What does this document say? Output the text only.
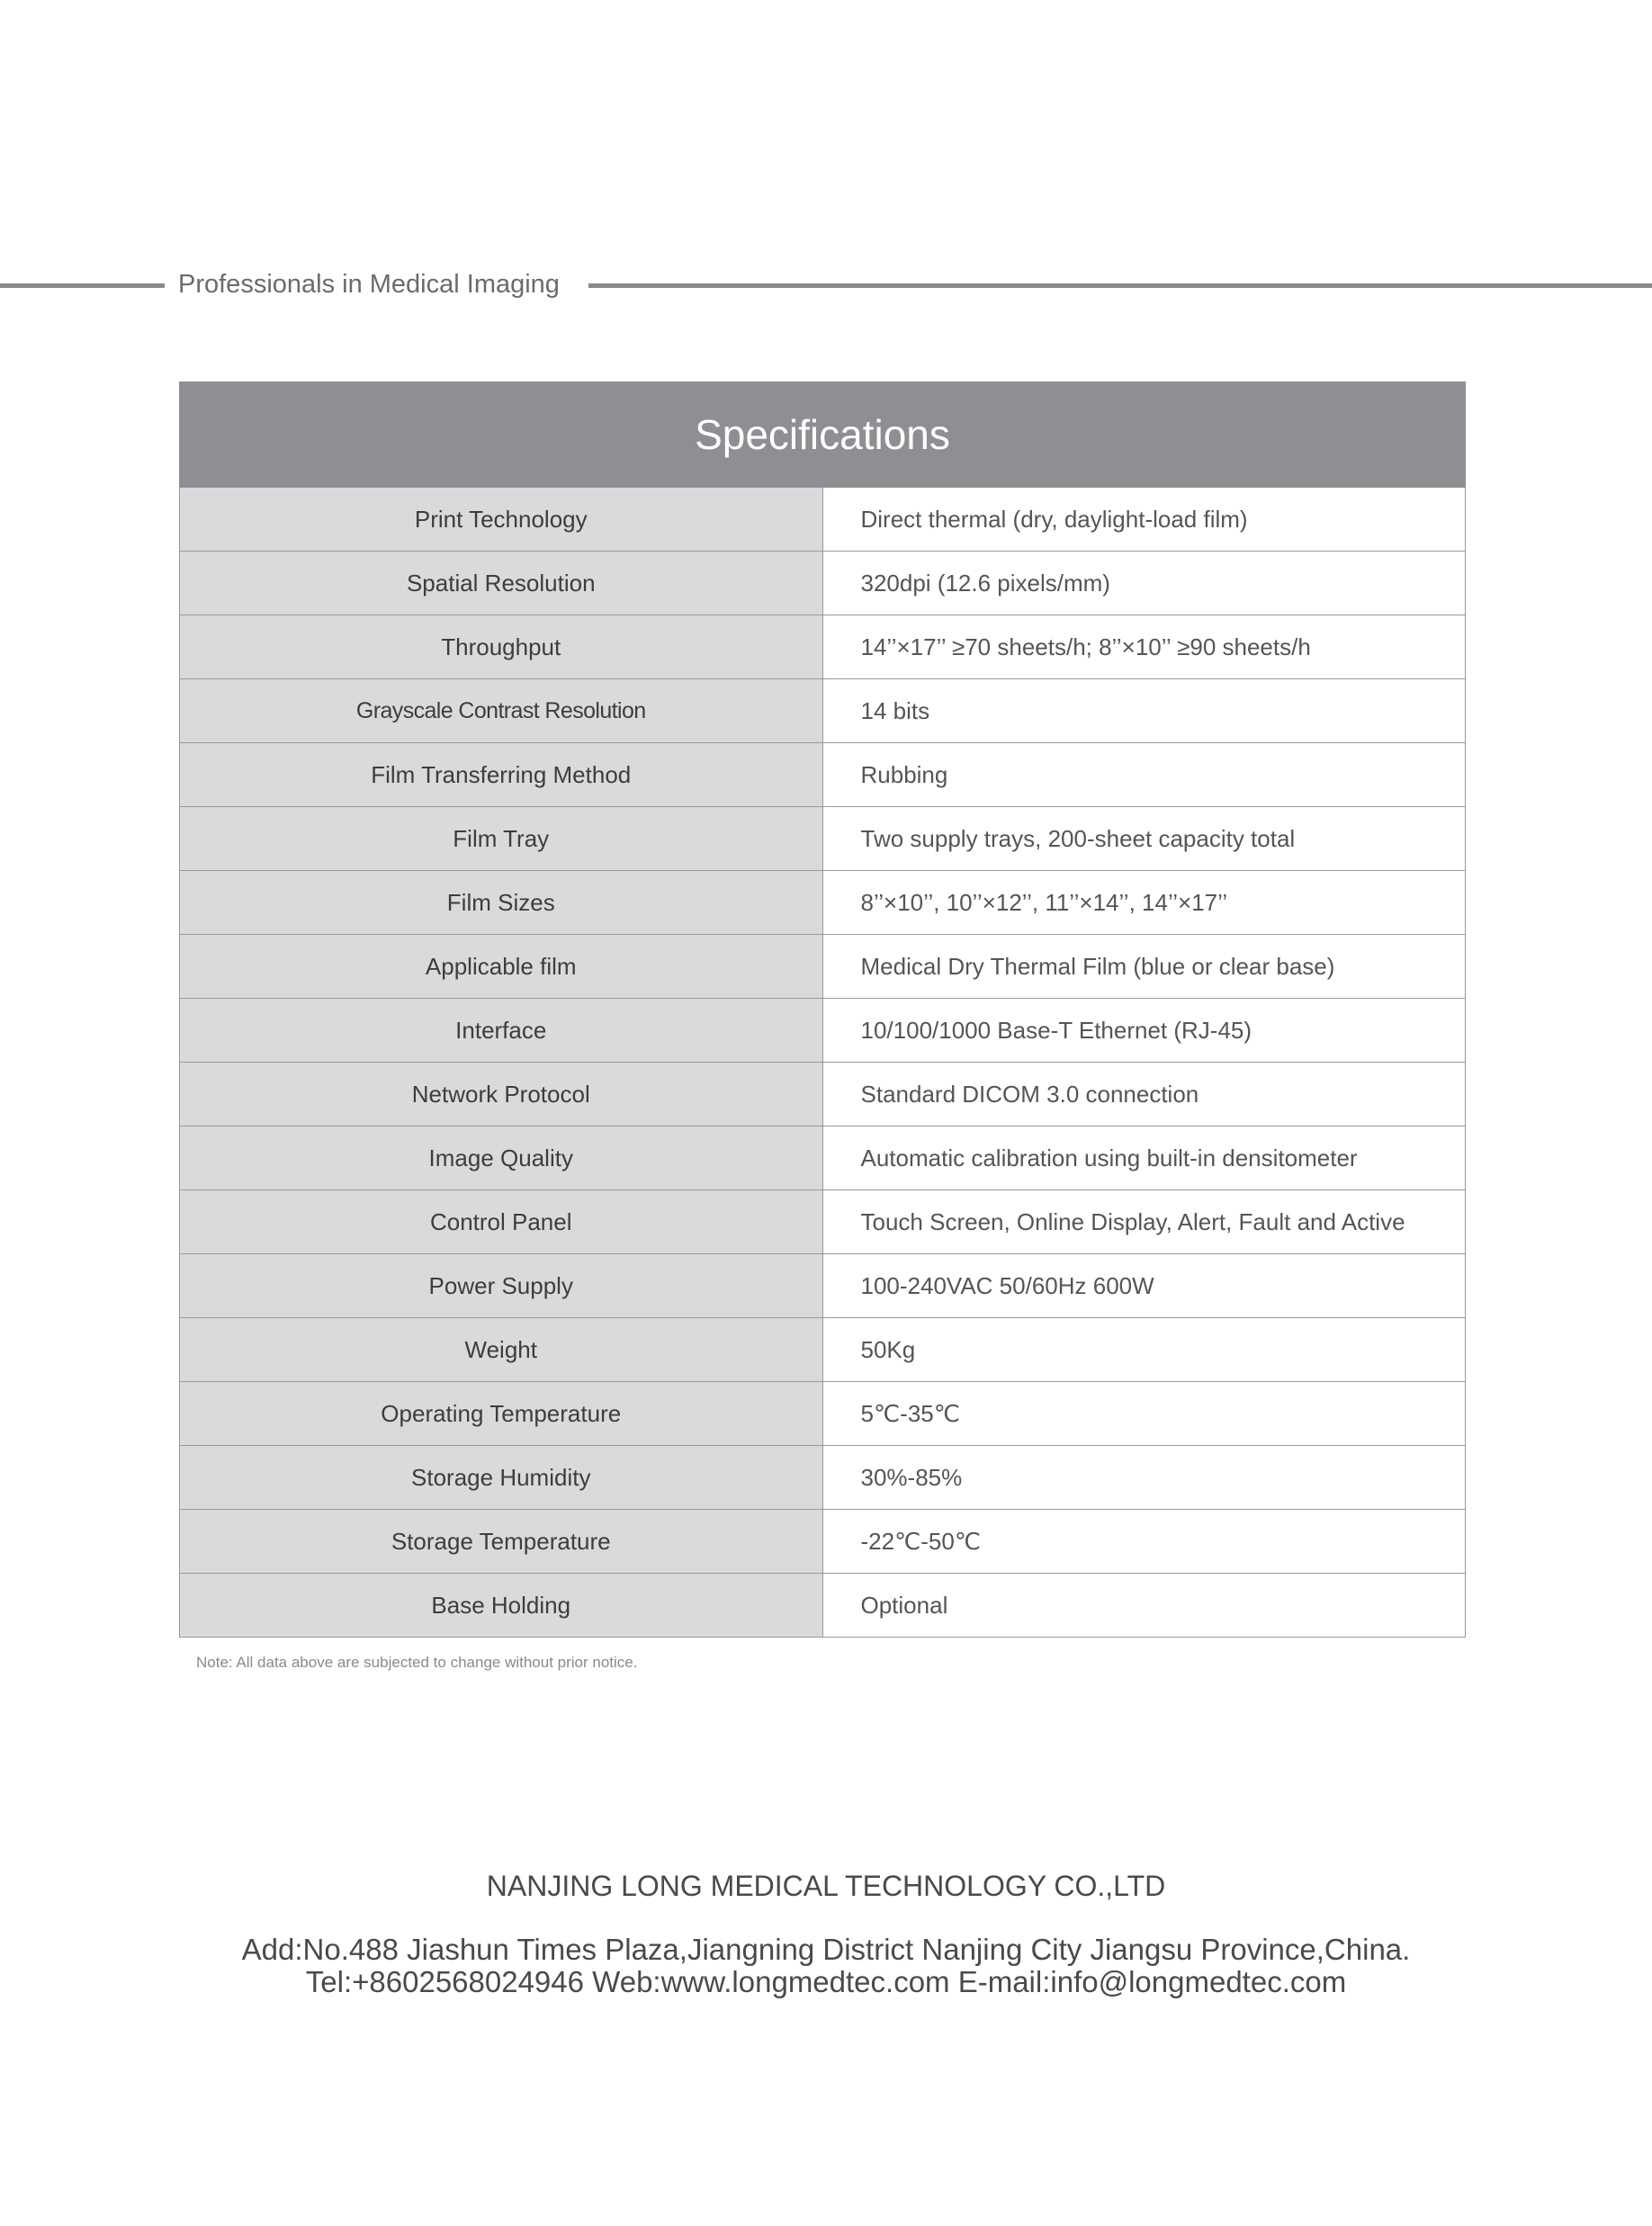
Professionals in Medical Imaging
Specifications	
Print Technology	Direct thermal (dry, daylight-load film)
Spatial Resolution	320dpi (12.6 pixels/mm)
Throughput	14’’×17’’ ≥70 sheets/h; 8’’×10’’ ≥90 sheets/h
Grayscale Contrast Resolution	14 bits
Film Transferring Method	Rubbing
Film Tray	Two supply trays, 200-sheet capacity total
Film Sizes	8’’×10’’, 10’’×12’’, 11’’×14’’, 14’’×17’’
Applicable film	Medical Dry Thermal Film (blue or clear base)
Interface	10/100/1000 Base-T Ethernet (RJ-45)
Network Protocol	Standard DICOM 3.0 connection
Image Quality	Automatic calibration using built-in densitometer
Control Panel	Touch Screen, Online Display, Alert, Fault and Active
Power Supply	100-240VAC 50/60Hz 600W
Weight	50Kg
Operating Temperature	5℃-35℃
Storage Humidity	30%-85%
Storage Temperature	-22℃-50℃
Base Holding	Optional
Note: All data above are subjected to change without prior notice.
NANJING LONG MEDICAL TECHNOLOGY CO.,LTD
Add:No.488 Jiashun Times Plaza,Jiangning District Nanjing City Jiangsu Province,China.
Tel:+8602568024946 Web:www.longmedtec.com E-mail:info@longmedtec.com
